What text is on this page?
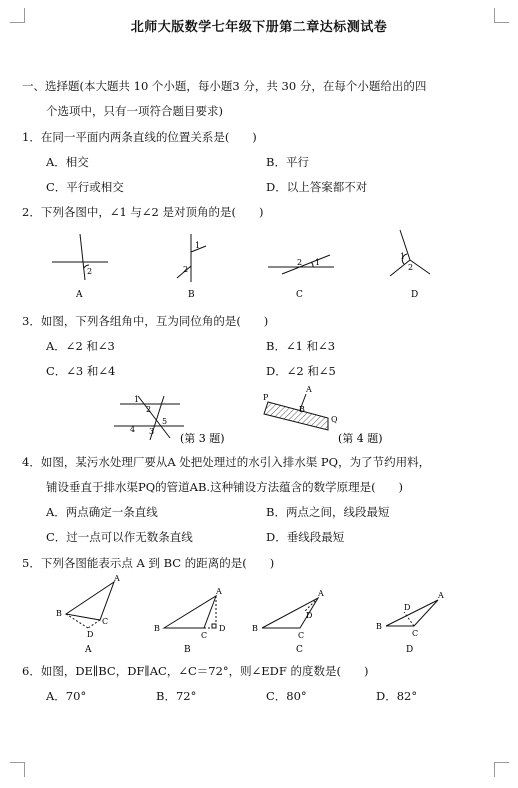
北师大版数学七年级下册第二章达标测试卷
一、选择题(本大题共 10 个小题，每小题3 分，共 30 分，在每个小题给出的四
个选项中，只有一项符合题目要求)
1．在同一平面内两条直线的位置关系是(　　)
A．相交	B．平行
C．平行或相交	D．以上答案都不对
2．下列各图中，∠1 与∠2 是对顶角的是(　　)
2
A
1
2
B
2 1
C
1
2
D
3．如图，下列各组角中，互为同位角的是(　　)
A．∠2 和∠3	B．∠1 和∠3
C．∠3 和∠4	D．∠2 和∠5
1
2
3
4
5
(第 3 题)
P
A
B
Q
(第 4 题)
4．如图，某污水处理厂要从A 处把处理过的水引入排水渠 PQ，为了节约用料，
铺设垂直于排水渠PQ的管道AB.这种铺设方法蕴含的数学原理是(　　)
A．两点确定一条直线	B．两点之间，线段最短
C．过一点可以作无数条直线	D．垂线段最短
5．下列各图能表示点 A 到 BC 的距离的是(　　)
A
B
C
D
A
A
B
C
D
B
A
B
C
D
C
A
B
C
D
D
6．如图，DE∥BC，DF∥AC，∠C＝72°，则∠EDF 的度数是(　　)
A．70°	B．72°	C．80°	D．82°
